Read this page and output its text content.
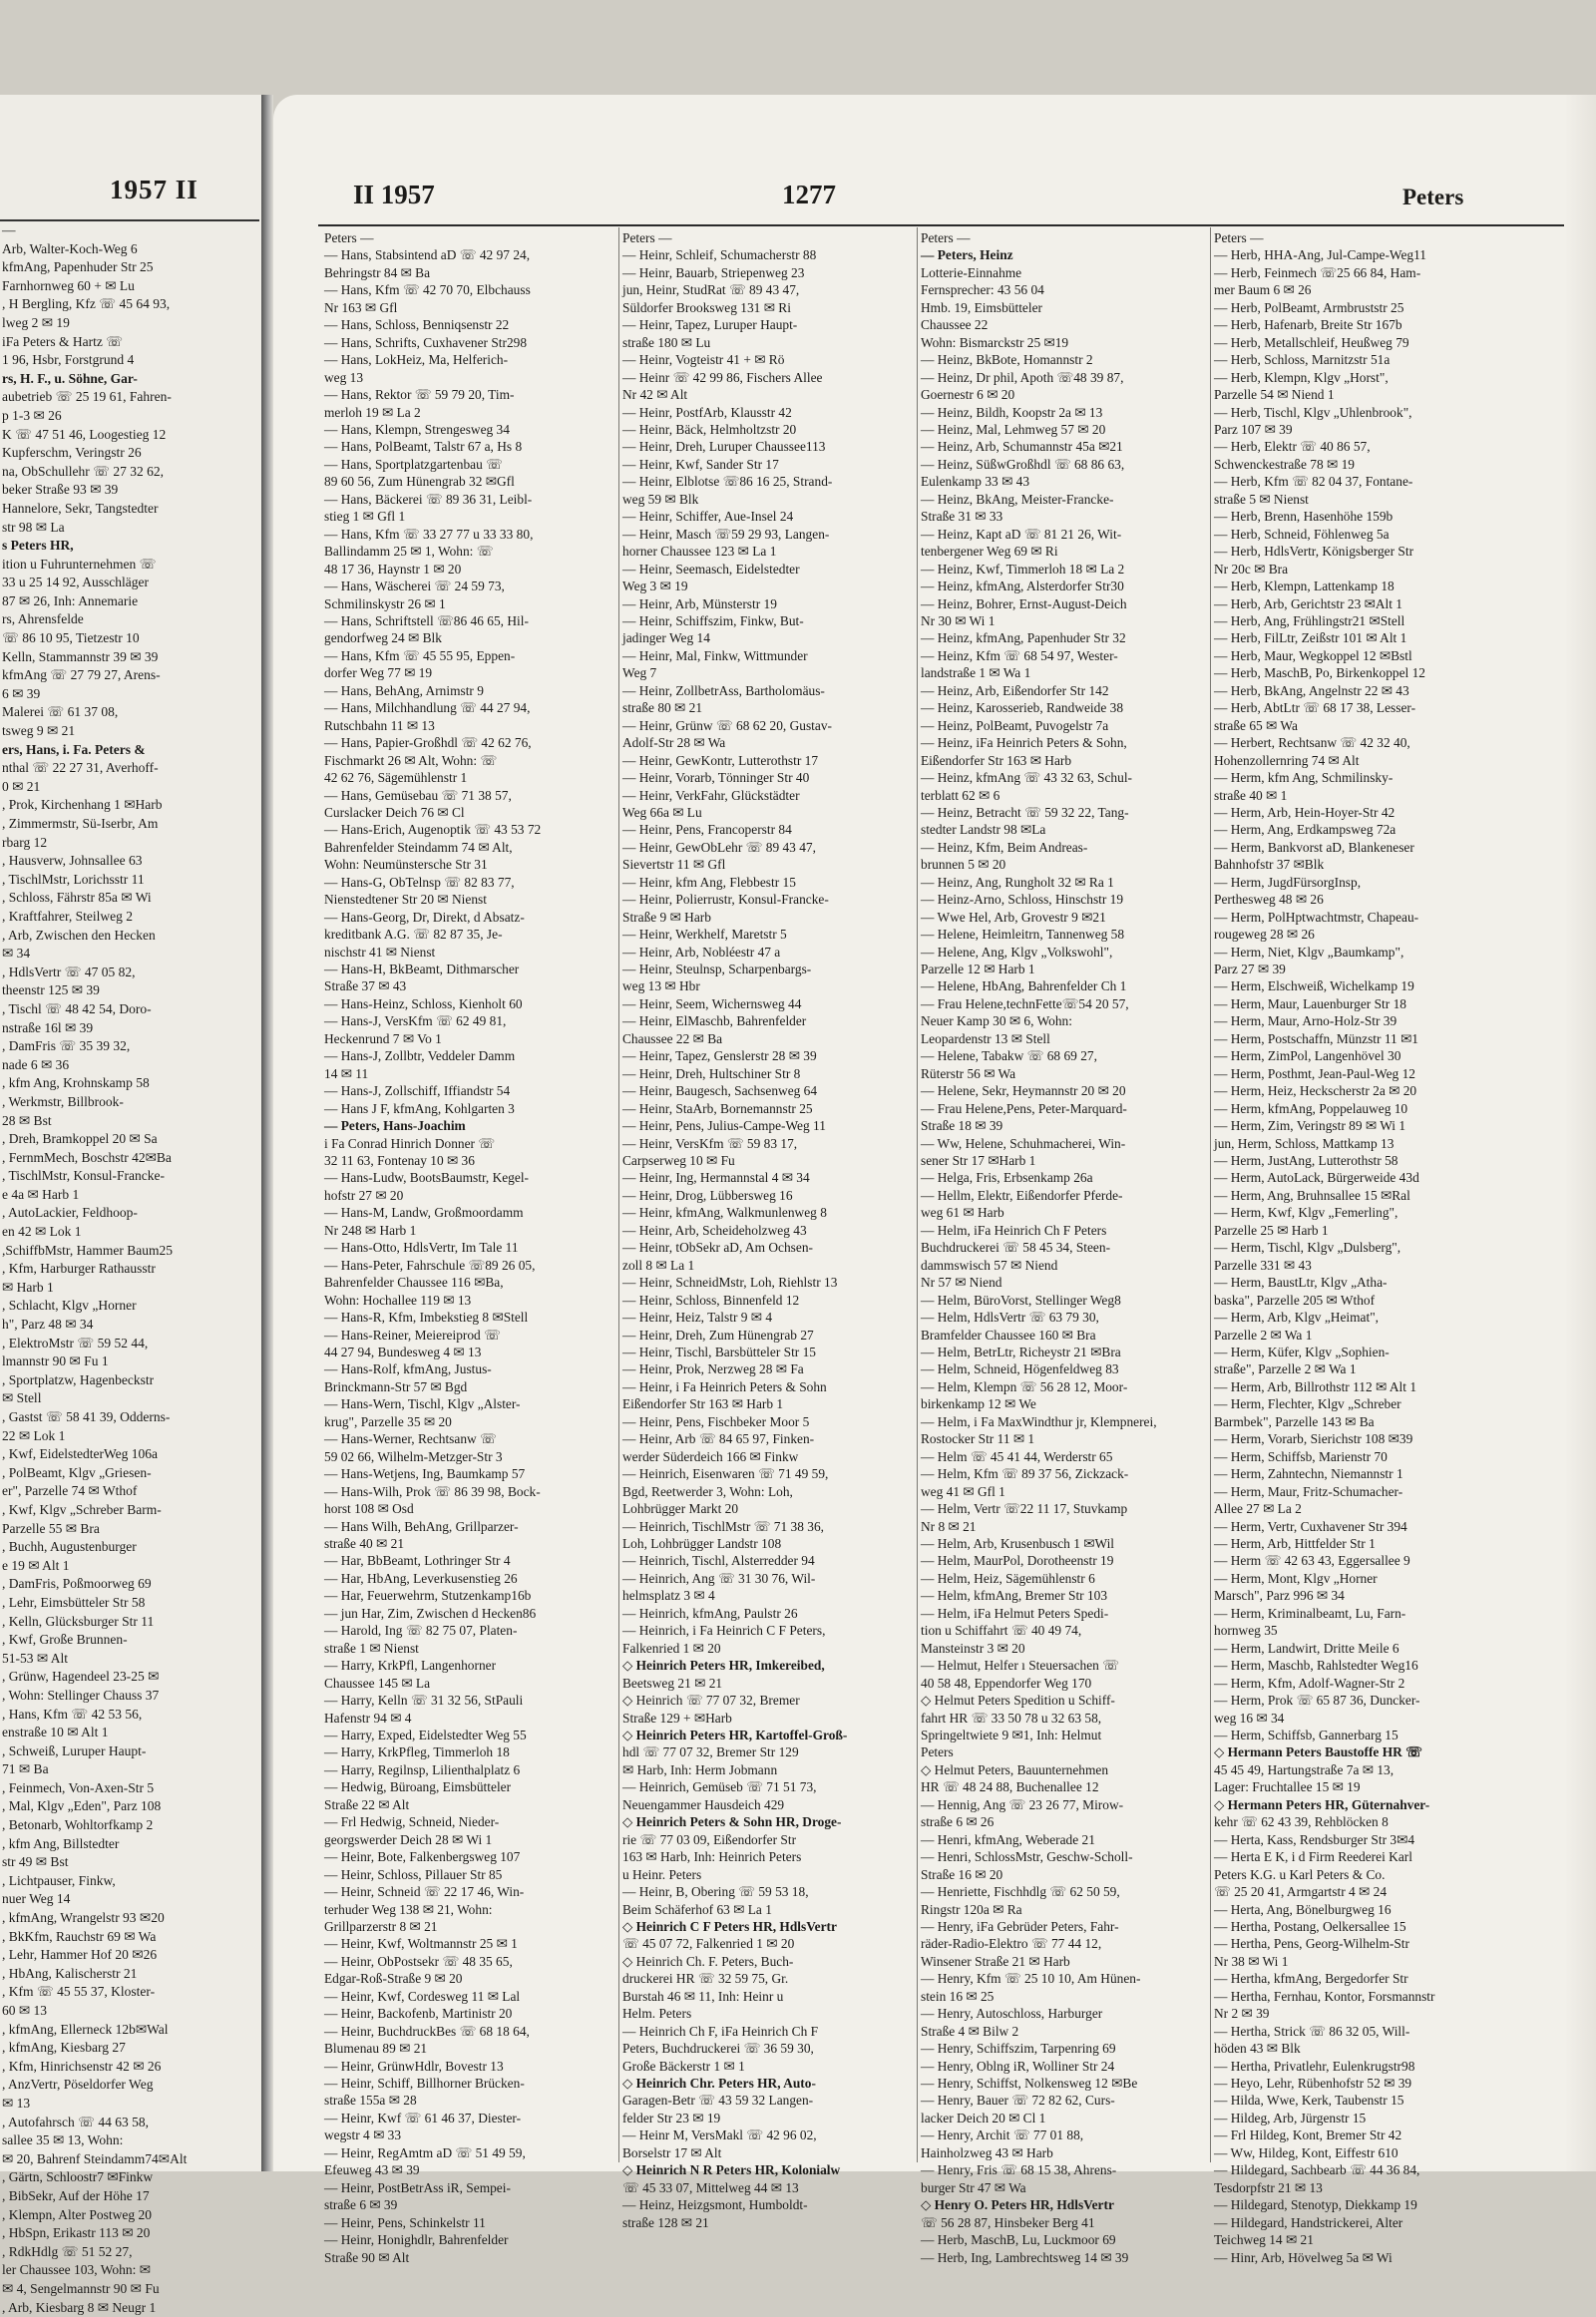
1957 II
—
Arb, Walter-Koch-Weg 6
kfmAng, Papenhuder Str 25
Farnhornweg 60 + ✉ Lu
, H Bergling, Kfz ☏ 45 64 93,
lweg 2 ✉ 19
iFa Peters & Hartz ☏
1 96, Hsbr, Forstgrund 4
rs, H. F., u. Söhne, Gar-
aubetrieb ☏ 25 19 61, Fahren-
p 1-3 ✉ 26
K ☏ 47 51 46, Loogestieg 12
Kupferschm, Veringstr 26
na, ObSchullehr ☏ 27 32 62,
beker Straße 93 ✉ 39
Hannelore, Sekr, Tangstedter
str 98 ✉ La
s Peters HR,
ition u Fuhrunternehmen ☏
33 u 25 14 92, Ausschläger
87 ✉ 26, Inh: Annemarie
rs, Ahrensfelde
☏ 86 10 95, Tietzestr 10
Kelln, Stammannstr 39 ✉ 39
kfmAng ☏ 27 79 27, Arens-
6 ✉ 39
Malerei ☏ 61 37 08,
tsweg 9 ✉ 21
ers, Hans, i. Fa. Peters &
nthal ☏ 22 27 31, Averhoff-
0 ✉ 21
, Prok, Kirchenhang 1 ✉Harb
, Zimmermstr, Sü-Iserbr, Am
rbarg 12
, Hausverw, Johnsallee 63
, TischlMstr, Lorichsstr 11
, Schloss, Fährstr 85a ✉ Wi
, Kraftfahrer, Steilweg 2
, Arb, Zwischen den Hecken
✉ 34
, HdlsVertr ☏ 47 05 82,
theenstr 125 ✉ 39
, Tischl ☏ 48 42 54, Doro-
nstraße 16l ✉ 39
, DamFris ☏ 35 39 32,
nade 6 ✉ 36
, kfm Ang, Krohnskamp 58
, Werkmstr, Billbrook-
28 ✉ Bst
, Dreh, Bramkoppel 20 ✉ Sa
, FernmMech, Boschstr 42✉Ba
, TischlMstr, Konsul-Francke-
e 4a ✉ Harb 1
, AutoLackier, Feldhoop-
en 42 ✉ Lok 1
,SchiffbMstr, Hammer Baum25
, Kfm, Harburger Rathausstr
✉ Harb 1
, Schlacht, Klgv „Horner
h", Parz 48 ✉ 34
, ElektroMstr ☏ 59 52 44,
lmannstr 90 ✉ Fu 1
, Sportplatzw, Hagenbeckstr
✉ Stell
, Gastst ☏ 58 41 39, Odderns-
22 ✉ Lok 1
, Kwf, EidelstedterWeg 106a
, PolBeamt, Klgv „Griesen-
er", Parzelle 74 ✉ Wthof
, Kwf, Klgv „Schreber Barm-
Parzelle 55 ✉ Bra
, Buchh, Augustenburger
e 19 ✉ Alt 1
, DamFris, Poßmoorweg 69
, Lehr, Eimsbütteler Str 58
, Kelln, Glücksburger Str 11
, Kwf, Große Brunnen-
51-53 ✉ Alt
, Grünw, Hagendeel 23-25 ✉
, Wohn: Stellinger Chauss 37
, Hans, Kfm ☏ 42 53 56,
enstraße 10 ✉ Alt 1
, Schweiß, Luruper Haupt-
71 ✉ Ba
, Feinmech, Von-Axen-Str 5
, Mal, Klgv „Eden", Parz 108
, Betonarb, Wohltorfkamp 2
, kfm Ang, Billstedter
str 49 ✉ Bst
, Lichtpauser, Finkw,
nuer Weg 14
, kfmAng, Wrangelstr 93 ✉20
, BkKfm, Rauchstr 69 ✉ Wa
, Lehr, Hammer Hof 20 ✉26
, HbAng, Kalischerstr 21
, Kfm ☏ 45 55 37, Kloster-
60 ✉ 13
, kfmAng, Ellerneck 12b✉Wal
, kfmAng, Kiesbarg 27
, Kfm, Hinrichsenstr 42 ✉ 26
, AnzVertr, Pöseldorfer Weg
✉ 13
, Autofahrsch ☏ 44 63 58,
sallee 35 ✉ 13, Wohn:
✉ 20, Bahrenf Steindamm74✉Alt
, Gärtn, Schloostr7 ✉Finkw
, BibSekr, Auf der Höhe 17
, Klempn, Alter Postweg 20
, HbSpn, Erikastr 113 ✉ 20
, RdkHdlg ☏ 51 52 27,
ler Chaussee 103, Wohn: ✉
✉ 4, Sengelmannstr 90 ✉ Fu
, Arb, Kiesbarg 8 ✉ Neugr 1
II 1957	1277	Peters
Peters —
— Hans, Stabsintend aD ☏ 42 97 24,
Behringstr 84 ✉ Ba
— Hans, Kfm ☏ 42 70 70, Elbchauss
Nr 163 ✉ Gfl
— Hans, Schloss, Benniqsenstr 22
— Hans, Schrifts, Cuxhavener Str298
— Hans, LokHeiz, Ma, Helferich-
weg 13
— Hans, Rektor ☏ 59 79 20, Tim-
merloh 19 ✉ La 2
— Hans, Klempn, Strengesweg 34
— Hans, PolBeamt, Talstr 67 a, Hs 8
— Hans, Sportplatzgartenbau ☏
89 60 56, Zum Hünengrab 32 ✉Gfl
— Hans, Bäckerei ☏ 89 36 31, Leibl-
stieg 1 ✉ Gfl 1
— Hans, Kfm ☏ 33 27 77 u 33 33 80,
Ballindamm 25 ✉ 1, Wohn: ☏
48 17 36, Haynstr 1 ✉ 20
— Hans, Wäscherei ☏ 24 59 73,
Schmilinskystr 26 ✉ 1
— Hans, Schriftstell ☏86 46 65, Hil-
gendorfweg 24 ✉ Blk
— Hans, Kfm ☏ 45 55 95, Eppen-
dorfer Weg 77 ✉ 19
— Hans, BehAng, Arnimstr 9
— Hans, Milchhandlung ☏ 44 27 94,
Rutschbahn 11 ✉ 13
— Hans, Papier-Großhdl ☏ 42 62 76,
Fischmarkt 26 ✉ Alt, Wohn: ☏
42 62 76, Sägemühlenstr 1
— Hans, Gemüsebau ☏ 71 38 57,
Curslacker Deich 76 ✉ Cl
— Hans-Erich, Augenoptik ☏ 43 53 72
Bahrenfelder Steindamm 74 ✉ Alt,
Wohn: Neumünstersche Str 31
— Hans-G, ObTelnsp ☏ 82 83 77,
Nienstedtener Str 20 ✉ Nienst
— Hans-Georg, Dr, Direkt, d Absatz-
kreditbank A.G. ☏ 82 87 35, Je-
nischstr 41 ✉ Nienst
— Hans-H, BkBeamt, Dithmarscher
Straße 37 ✉ 43
— Hans-Heinz, Schloss, Kienholt 60
— Hans-J, VersKfm ☏ 62 49 81,
Heckenrund 7 ✉ Vo 1
— Hans-J, Zollbtr, Veddeler Damm
14 ✉ 11
— Hans-J, Zollschiff, Iffiandstr 54
— Hans J F, kfmAng, Kohlgarten 3
— Peters, Hans-Joachim
i Fa Conrad Hinrich Donner ☏
32 11 63, Fontenay 10 ✉ 36
— Hans-Ludw, BootsBaumstr, Kegel-
hofstr 27 ✉ 20
— Hans-M, Landw, Großmoordamm
Nr 248 ✉ Harb 1
— Hans-Otto, HdlsVertr, Im Tale 11
— Hans-Peter, Fahrschule ☏89 26 05,
Bahrenfelder Chaussee 116 ✉Ba,
Wohn: Hochallee 119 ✉ 13
— Hans-R, Kfm, Imbekstieg 8 ✉Stell
— Hans-Reiner, Meiereiprod ☏
44 27 94, Bundesweg 4 ✉ 13
— Hans-Rolf, kfmAng, Justus-
Brinckmann-Str 57 ✉ Bgd
— Hans-Wern, Tischl, Klgv „Alster-
krug", Parzelle 35 ✉ 20
— Hans-Werner, Rechtsanw ☏
59 02 66, Wilhelm-Metzger-Str 3
— Hans-Wetjens, Ing, Baumkamp 57
— Hans-Wilh, Prok ☏ 86 39 98, Bock-
horst 108 ✉ Osd
— Hans Wilh, BehAng, Grillparzer-
straße 40 ✉ 21
— Har, BbBeamt, Lothringer Str 4
— Har, HbAng, Leverkusenstieg 26
— Har, Feuerwehrm, Stutzenkamp16b
— jun Har, Zim, Zwischen d Hecken86
— Harold, Ing ☏ 82 75 07, Platen-
straße 1 ✉ Nienst
— Harry, KrkPfl, Langenhorner
Chaussee 145 ✉ La
— Harry, Kelln ☏ 31 32 56, StPauli
Hafenstr 94 ✉ 4
— Harry, Exped, Eidelstedter Weg 55
— Harry, KrkPfleg, Timmerloh 18
— Harry, Regilnsp, Lilienthalplatz 6
— Hedwig, Büroang, Eimsbütteler
Straße 22 ✉ Alt
— Frl Hedwig, Schneid, Nieder-
georgswerder Deich 28 ✉ Wi 1
— Heinr, Bote, Falkenbergsweg 107
— Heinr, Schloss, Pillauer Str 85
— Heinr, Schneid ☏ 22 17 46, Win-
terhuder Weg 138 ✉ 21, Wohn:
Grillparzerstr 8 ✉ 21
— Heinr, Kwf, Woltmannstr 25 ✉ 1
— Heinr, ObPostsekr ☏ 48 35 65,
Edgar-Roß-Straße 9 ✉ 20
— Heinr, Kwf, Cordesweg 11 ✉ Lal
— Heinr, Backofenb, Martinistr 20
— Heinr, BuchdruckBes ☏ 68 18 64,
Blumenau 89 ✉ 21
— Heinr, GrünwHdlr, Bovestr 13
— Heinr, Schiff, Billhorner Brücken-
straße 155a ✉ 28
— Heinr, Kwf ☏ 61 46 37, Diester-
wegstr 4 ✉ 33
— Heinr, RegAmtm aD ☏ 51 49 59,
Efeuweg 43 ✉ 39
— Heinr, PostBetrAss iR, Sempei-
straße 6 ✉ 39
— Heinr, Pens, Schinkelstr 11
— Heinr, Honighdlr, Bahrenfelder
Straße 90 ✉ Alt
Peters —
— Heinr, Schleif, Schumacherstr 88
— Heinr, Bauarb, Striepenweg 23
jun, Heinr, StudRat ☏ 89 43 47,
Süldorfer Brooksweg 131 ✉ Ri
— Heinr, Tapez, Luruper Haupt-
straße 180 ✉ Lu
— Heinr, Vogteistr 41 + ✉ Rö
— Heinr ☏ 42 99 86, Fischers Allee
Nr 42 ✉ Alt
— Heinr, PostfArb, Klausstr 42
— Heinr, Bäck, Helmholtzstr 20
— Heinr, Dreh, Luruper Chaussee113
— Heinr, Kwf, Sander Str 17
— Heinr, Elblotse ☏86 16 25, Strand-
weg 59 ✉ Blk
— Heinr, Schiffer, Aue-Insel 24
— Heinr, Masch ☏59 29 93, Langen-
horner Chaussee 123 ✉ La 1
— Heinr, Seemasch, Eidelstedter
Weg 3 ✉ 19
— Heinr, Arb, Münsterstr 19
— Heinr, Schiffszim, Finkw, But-
jadinger Weg 14
— Heinr, Mal, Finkw, Wittmunder
Weg 7
— Heinr, ZollbetrAss, Bartholomäus-
straße 80 ✉ 21
— Heinr, Grünw ☏ 68 62 20, Gustav-
Adolf-Str 28 ✉ Wa
— Heinr, GewKontr, Lutterothstr 17
— Heinr, Vorarb, Tönninger Str 40
— Heinr, VerkFahr, Glückstädter
Weg 66a ✉ Lu
— Heinr, Pens, Francoperstr 84
— Heinr, GewObLehr ☏ 89 43 47,
Sievertstr 11 ✉ Gfl
— Heinr, kfm Ang, Flebbestr 15
— Heinr, Polierrustr, Konsul-Francke-
Straße 9 ✉ Harb
— Heinr, Werkhelf, Maretstr 5
— Heinr, Arb, Nobléestr 47 a
— Heinr, Steulnsp, Scharpenbargs-
weg 13 ✉ Hbr
— Heinr, Seem, Wichernsweg 44
— Heinr, ElMaschb, Bahrenfelder
Chaussee 22 ✉ Ba
— Heinr, Tapez, Genslerstr 28 ✉ 39
— Heinr, Dreh, Hultschiner Str 8
— Heinr, Baugesch, Sachsenweg 64
— Heinr, StaArb, Bornemannstr 25
— Heinr, Pens, Julius-Campe-Weg 11
— Heinr, VersKfm ☏ 59 83 17,
Carpserweg 10 ✉ Fu
— Heinr, Ing, Hermannstal 4 ✉ 34
— Heinr, Drog, Lübbersweg 16
— Heinr, kfmAng, Walkmunlenweg 8
— Heinr, Arb, Scheideholzweg 43
— Heinr, tObSekr aD, Am Ochsen-
zoll 8 ✉ La 1
— Heinr, SchneidMstr, Loh, Riehlstr 13
— Heinr, Schloss, Binnenfeld 12
— Heinr, Heiz, Talstr 9 ✉ 4
— Heinr, Dreh, Zum Hünengrab 27
— Heinr, Tischl, Barsbütteler Str 15
— Heinr, Prok, Nerzweg 28 ✉ Fa
— Heinr, i Fa Heinrich Peters & Sohn
Eißendorfer Str 163 ✉ Harb 1
— Heinr, Pens, Fischbeker Moor 5
— Heinr, Arb ☏ 84 65 97, Finken-
werder Süderdeich 166 ✉ Finkw
— Heinrich, Eisenwaren ☏ 71 49 59,
Bgd, Reetwerder 3, Wohn: Loh,
Lohbrügger Markt 20
— Heinrich, TischlMstr ☏ 71 38 36,
Loh, Lohbrügger Landstr 108
— Heinrich, Tischl, Alsterredder 94
— Heinrich, Ang ☏ 31 30 76, Wil-
helmsplatz 3 ✉ 4
— Heinrich, kfmAng, Paulstr 26
— Heinrich, i Fa Heinrich C F Peters,
Falkenried 1 ✉ 20
◇ Heinrich Peters HR, Imkereibed,
Beetsweg 21 ✉ 21
◇ Heinrich ☏ 77 07 32, Bremer
Straße 129 + ✉Harb
◇ Heinrich Peters HR, Kartoffel-Groß-
hdl ☏ 77 07 32, Bremer Str 129
✉ Harb, Inh: Herm Jobmann
— Heinrich, Gemüseb ☏ 71 51 73,
Neuengammer Hausdeich 429
◇ Heinrich Peters & Sohn HR, Droge-
rie ☏ 77 03 09, Eißendorfer Str
163 ✉ Harb, Inh: Heinrich Peters
u Heinr. Peters
— Heinr, B, Obering ☏ 59 53 18,
Beim Schäferhof 63 ✉ La 1
◇ Heinrich C F Peters HR, HdlsVertr
☏ 45 07 72, Falkenried 1 ✉ 20
◇ Heinrich Ch. F. Peters, Buch-
druckerei HR ☏ 32 59 75, Gr.
Burstah 46 ✉ 11, Inh: Heinr u
Helm. Peters
— Heinrich Ch F, iFa Heinrich Ch F
Peters, Buchdruckerei ☏ 36 59 30,
Große Bäckerstr 1 ✉ 1
◇ Heinrich Chr. Peters HR, Auto-
Garagen-Betr ☏ 43 59 32 Langen-
felder Str 23 ✉ 19
— Heinr M, VersMakl ☏ 42 96 02,
Borselstr 17 ✉ Alt
◇ Heinrich N R Peters HR, Kolonialw
☏ 45 33 07, Mittelweg 44 ✉ 13
— Heinz, Heizgsmont, Humboldt-
straße 128 ✉ 21
Peters —
— Peters, Heinz
Lotterie-Einnahme
Fernsprecher: 43 56 04
Hmb. 19, Eimsbütteler
Chaussee 22
Wohn: Bismarckstr 25 ✉19
— Heinz, BkBote, Homannstr 2
— Heinz, Dr phil, Apoth ☏48 39 87,
Goernestr 6 ✉ 20
— Heinz, Bildh, Koopstr 2a ✉ 13
— Heinz, Mal, Lehmweg 57 ✉ 20
— Heinz, Arb, Schumannstr 45a ✉21
— Heinz, SüßwGroßhdl ☏ 68 86 63,
Eulenkamp 33 ✉ 43
— Heinz, BkAng, Meister-Francke-
Straße 31 ✉ 33
— Heinz, Kapt aD ☏ 81 21 26, Wit-
tenbergener Weg 69 ✉ Ri
— Heinz, Kwf, Timmerloh 18 ✉ La 2
— Heinz, kfmAng, Alsterdorfer Str30
— Heinz, Bohrer, Ernst-August-Deich
Nr 30 ✉ Wi 1
— Heinz, kfmAng, Papenhuder Str 32
— Heinz, Kfm ☏ 68 54 97, Wester-
landstraße 1 ✉ Wa 1
— Heinz, Arb, Eißendorfer Str 142
— Heinz, Karosseriеb, Randweide 38
— Heinz, PolBeamt, Puvogelstr 7a
— Heinz, iFa Heinrich Peters & Sohn,
Eißendorfer Str 163 ✉ Harb
— Heinz, kfmAng ☏ 43 32 63, Schul-
terblatt 62 ✉ 6
— Heinz, Betracht ☏ 59 32 22, Tang-
stedter Landstr 98 ✉La
— Heinz, Kfm, Beim Andreas-
brunnen 5 ✉ 20
— Heinz, Ang, Rungholt 32 ✉ Ra 1
— Heinz-Arno, Schloss, Hinschstr 19
— Wwe Hel, Arb, Grovestr 9 ✉21
— Helene, Heimleitrn, Tannenweg 58
— Helene, Ang, Klgv „Volkswohl",
Parzelle 12 ✉ Harb 1
— Helene, HbAng, Bahrenfelder Ch 1
— Frau Helene,technFette☏54 20 57,
Neuer Kamp 30 ✉ 6, Wohn:
Leopardenstr 13 ✉ Stell
— Helene, Tabakw ☏ 68 69 27,
Rüterstr 56 ✉ Wa
— Helene, Sekr, Heymannstr 20 ✉ 20
— Frau Helene,Pens, Peter-Marquard-
Straße 18 ✉ 39
— Ww, Helene, Schuhmacherei, Win-
sener Str 17 ✉Harb 1
— Helga, Fris, Erbsenkamp 26a
— Hellm, Elektr, Eißendorfer Pferde-
weg 61 ✉ Harb
— Helm, iFa Heinrich Ch F Peters
Buchdruckerei ☏ 58 45 34, Steen-
dammswisch 57 ✉ Niend
Nr 57 ✉ Niend
— Helm, BüroVorst, Stellinger Weg8
— Helm, HdlsVertr ☏ 63 79 30,
Bramfelder Chaussee 160 ✉ Bra
— Helm, BetrLtr, Richeystr 21 ✉Bra
— Helm, Schneid, Högenfeldweg 83
— Helm, Klempn ☏ 56 28 12, Moor-
birkenkamp 12 ✉ We
— Helm, i Fa MaxWindthur jr, Klempnerei,
Rostocker Str 11 ✉ 1
— Helm ☏ 45 41 44, Werderstr 65
— Helm, Kfm ☏ 89 37 56, Zickzack-
weg 41 ✉ Gfl 1
— Helm, Vertr ☏22 11 17, Stuvkamp
Nr 8 ✉ 21
— Helm, Arb, Krusenbusch 1 ✉Wil
— Helm, MaurPol, Dorotheenstr 19
— Helm, Heiz, Sägemühlenstr 6
— Helm, kfmAng, Bremer Str 103
— Helm, iFa Helmut Peters Spedi-
tion u Schiffahrt ☏ 40 49 74,
Mansteinstr 3 ✉ 20
— Helmut, Helfer ı Steuersachen ☏
40 58 48, Eppendorfer Weg 170
◇ Helmut Peters Spedition u Schiff-
fahrt HR ☏ 33 50 78 u 32 63 58,
Springeltwiete 9 ✉1, Inh: Helmut
Peters
◇ Helmut Peters, Bauunternehmen
HR ☏ 48 24 88, Buchenallee 12
— Hennig, Ang ☏ 23 26 77, Mirow-
straße 6 ✉ 26
— Henri, kfmAng, Weberade 21
— Henri, SchlossMstr, Geschw-Scholl-
Straße 16 ✉ 20
— Henriette, Fischhdlg ☏ 62 50 59,
Ringstr 120a ✉ Ra
— Henry, iFa Gebrüder Peters, Fahr-
räder-Radio-Elektro ☏ 77 44 12,
Winsener Straße 21 ✉ Harb
— Henry, Kfm ☏ 25 10 10, Am Hünen-
stein 16 ✉ 25
— Henry, Autoschloss, Harburger
Straße 4 ✉ Bilw 2
— Henry, Schiffszim, Tarpenring 69
— Henry, Oblng iR, Wolliner Str 24
— Henry, Schiffst, Nolkensweg 12 ✉Be
— Henry, Bauer ☏ 72 82 62, Curs-
lacker Deich 20 ✉ Cl 1
— Henry, Archit ☏ 77 01 88,
Hainholzweg 43 ✉ Harb
— Henry, Fris ☏ 68 15 38, Ahrens-
burger Str 47 ✉ Wa
◇ Henry O. Peters HR, HdlsVertr
☏ 56 28 87, Hinsbeker Berg 41
— Herb, MaschB, Lu, Luckmoor 69
— Herb, Ing, Lambrechtsweg 14 ✉ 39
Peters —
— Herb, HHA-Ang, Jul-Campe-Weg11
— Herb, Feinmech ☏25 66 84, Ham-
mer Baum 6 ✉ 26
— Herb, PolBeamt, Armbruststr 25
— Herb, Hafenarb, Breite Str 167b
— Herb, Metallschleif, Heußweg 79
— Herb, Schloss, Marnitzstr 51a
— Herb, Klempn, Klgv „Horst",
Parzelle 54 ✉ Niend 1
— Herb, Tischl, Klgv „Uhlenbrook",
Parz 107 ✉ 39
— Herb, Elektr ☏ 40 86 57,
Schwenckestraße 78 ✉ 19
— Herb, Kfm ☏ 82 04 37, Fontane-
straße 5 ✉ Nienst
— Herb, Brenn, Hasenhöhe 159b
— Herb, Schneid, Föhlenweg 5a
— Herb, HdlsVertr, Königsberger Str
Nr 20c ✉ Bra
— Herb, Klempn, Lattenkamp 18
— Herb, Arb, Gerichtstr 23 ✉Alt 1
— Herb, Ang, Frühlingstr21 ✉Stell
— Herb, FilLtr, Zeißstr 101 ✉ Alt 1
— Herb, Maur, Wegkoppel 12 ✉Bstl
— Herb, MaschB, Po, Birkenkoppel 12
— Herb, BkAng, Angelnstr 22 ✉ 43
— Herb, AbtLtr ☏ 68 17 38, Lesser-
straße 65 ✉ Wa
— Herbert, Rechtsanw ☏ 42 32 40,
Hohenzollernring 74 ✉ Alt
— Herm, kfm Ang, Schmilinsky-
straße 40 ✉ 1
— Herm, Arb, Hein-Hoyer-Str 42
— Herm, Ang, Erdkampsweg 72a
— Herm, Bankvorst aD, Blankeneser
Bahnhofstr 37 ✉Blk
— Herm, JugdFürsorgInsp,
Perthesweg 48 ✉ 26
— Herm, PolHptwachtmstr, Chapeau-
rougeweg 28 ✉ 26
— Herm, Niet, Klgv „Baumkamp",
Parz 27 ✉ 39
— Herm, Elschweiß, Wichelkamp 19
— Herm, Maur, Lauenburger Str 18
— Herm, Maur, Arno-Holz-Str 39
— Herm, Postschaffn, Münzstr 11 ✉1
— Herm, ZimPol, Langenhövel 30
— Herm, Posthmt, Jean-Paul-Weg 12
— Herm, Heiz, Heckscherstr 2a ✉ 20
— Herm, kfmAng, Poppelauweg 10
— Herm, Zim, Veringstr 89 ✉ Wi 1
jun, Herm, Schloss, Mattkamp 13
— Herm, JustAng, Lutterothstr 58
— Herm, AutoLack, Bürgerweide 43d
— Herm, Ang, Bruhnsallee 15 ✉Ral
— Herm, Kwf, Klgv „Femerling",
Parzelle 25 ✉ Harb 1
— Herm, Tischl, Klgv „Dulsberg",
Parzelle 331 ✉ 43
— Herm, BaustLtr, Klgv „Atha-
baska", Parzelle 205 ✉ Wthof
— Herm, Arb, Klgv „Heimat",
Parzelle 2 ✉ Wa 1
— Herm, Küfer, Klgv „Sophien-
straße", Parzelle 2 ✉ Wa 1
— Herm, Arb, Billrothstr 112 ✉ Alt 1
— Herm, Flechter, Klgv „Schreber
Barmbek", Parzelle 143 ✉ Ba
— Herm, Vorarb, Sierichstr 108 ✉39
— Herm, Schiffsb, Marienstr 70
— Herm, Zahntechn, Niemannstr 1
— Herm, Maur, Fritz-Schumacher-
Allee 27 ✉ La 2
— Herm, Vertr, Cuxhavener Str 394
— Herm, Arb, Hittfelder Str 1
— Herm ☏ 42 63 43, Eggersallee 9
— Herm, Mont, Klgv „Horner
Marsch", Parz 996 ✉ 34
— Herm, Kriminalbeamt, Lu, Farn-
hornweg 35
— Herm, Landwirt, Dritte Meile 6
— Herm, Maschb, Rahlstedter Weg16
— Herm, Kfm, Adolf-Wagner-Str 2
— Herm, Prok ☏ 65 87 36, Duncker-
weg 16 ✉ 34
— Herm, Schiffsb, Gannerbarg 15
◇ Hermann Peters Baustoffe HR ☏
45 45 49, Hartungstraße 7a ✉ 13,
Lager: Fruchtallee 15 ✉ 19
◇ Hermann Peters HR, Güternahver-
kehr ☏ 62 43 39, Rehblöcken 8
— Herta, Kass, Rendsburger Str 3✉4
— Herta E K, i d Firm Reederei Karl
Peters K.G. u Karl Peters & Co.
☏ 25 20 41, Armgartstr 4 ✉ 24
— Herta, Ang, Bönelburgweg 16
— Hertha, Postang, Oelkersallee 15
— Hertha, Pens, Georg-Wilhelm-Str
Nr 38 ✉ Wi 1
— Hertha, kfmAng, Bergedorfer Str
— Hertha, Fernhau, Kontor, Forsmannstr
Nr 2 ✉ 39
— Hertha, Strick ☏ 86 32 05, Will-
höden 43 ✉ Blk
— Hertha, Privatlehr, Eulenkrugstr98
— Heyo, Lehr, Rübenhofstr 52 ✉ 39
— Hilda, Wwe, Kerk, Taubenstr 15
— Hildeg, Arb, Jürgenstr 15
— Frl Hildeg, Kont, Bremer Str 42
— Ww, Hildeg, Kont, Eiffestr 610
— Hildegard, Sachbearb ☏ 44 36 84,
Tesdorpfstr 21 ✉ 13
— Hildegard, Stenotyp, Diekkamp 19
— Hildegard, Handstrickerei, Alter
Teichweg 14 ✉ 21
— Hinr, Arb, Hövelweg 5a ✉ Wi
